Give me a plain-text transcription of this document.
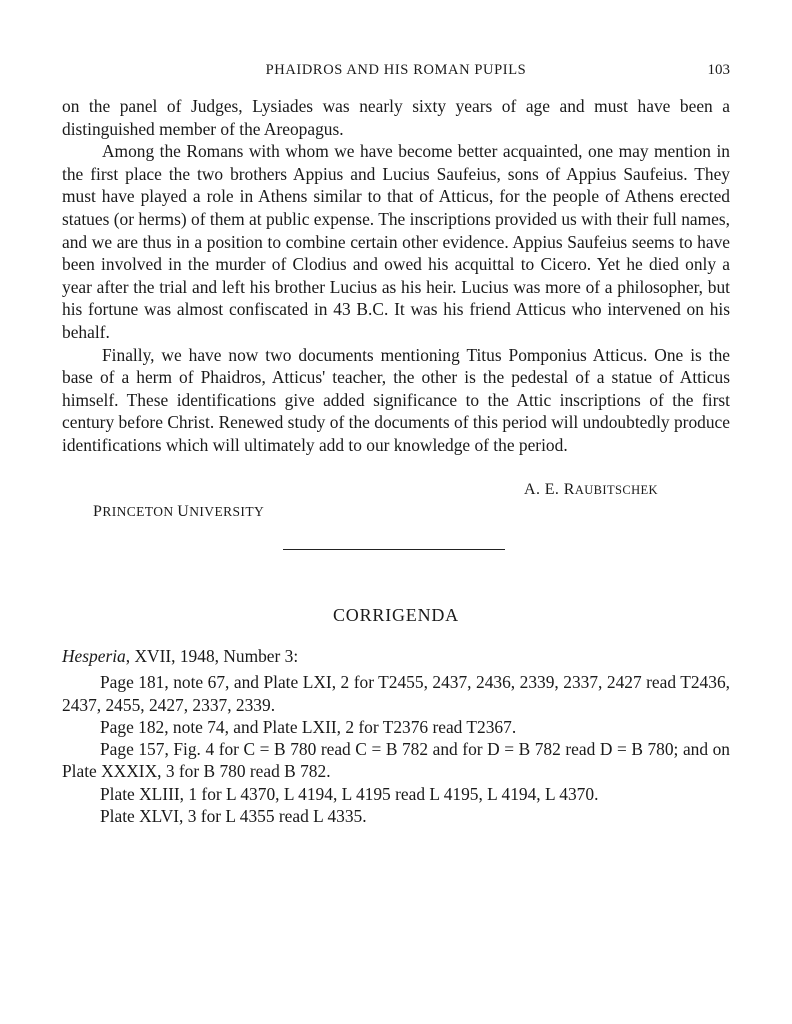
PHAIDROS AND HIS ROMAN PUPILS	103

on the panel of Judges, Lysiades was nearly sixty years of age and must have been a distinguished member of the Areopagus.

Among the Romans with whom we have become better acquainted, one may mention in the first place the two brothers Appius and Lucius Saufeius, sons of Appius Saufeius. They must have played a role in Athens similar to that of Atticus, for the people of Athens erected statues (or herms) of them at public expense. The inscriptions provided us with their full names, and we are thus in a position to combine certain other evidence. Appius Saufeius seems to have been involved in the murder of Clodius and owed his acquittal to Cicero. Yet he died only a year after the trial and left his brother Lucius as his heir. Lucius was more of a philosopher, but his fortune was almost confiscated in 43 B.C. It was his friend Atticus who intervened on his behalf.

Finally, we have now two documents mentioning Titus Pomponius Atticus. One is the base of a herm of Phaidros, Atticus' teacher, the other is the pedestal of a statue of Atticus himself. These identifications give added significance to the Attic inscriptions of the first century before Christ. Renewed study of the documents of this period will undoubtedly produce identifications which will ultimately add to our knowledge of the period.

A. E. RAUBITSCHEK
PRINCETON UNIVERSITY
CORRIGENDA

Hesperia, XVII, 1948, Number 3:

Page 181, note 67, and Plate LXI, 2 for T2455, 2437, 2436, 2339, 2337, 2427 read T2436, 2437, 2455, 2427, 2337, 2339.

Page 182, note 74, and Plate LXII, 2 for T2376 read T2367.

Page 157, Fig. 4 for C = B 780 read C = B 782 and for D = B 782 read D = B 780; and on Plate XXXIX, 3 for B 780 read B 782.

Plate XLIII, 1 for L 4370, L 4194, L 4195 read L 4195, L 4194, L 4370.

Plate XLVI, 3 for L 4355 read L 4335.
